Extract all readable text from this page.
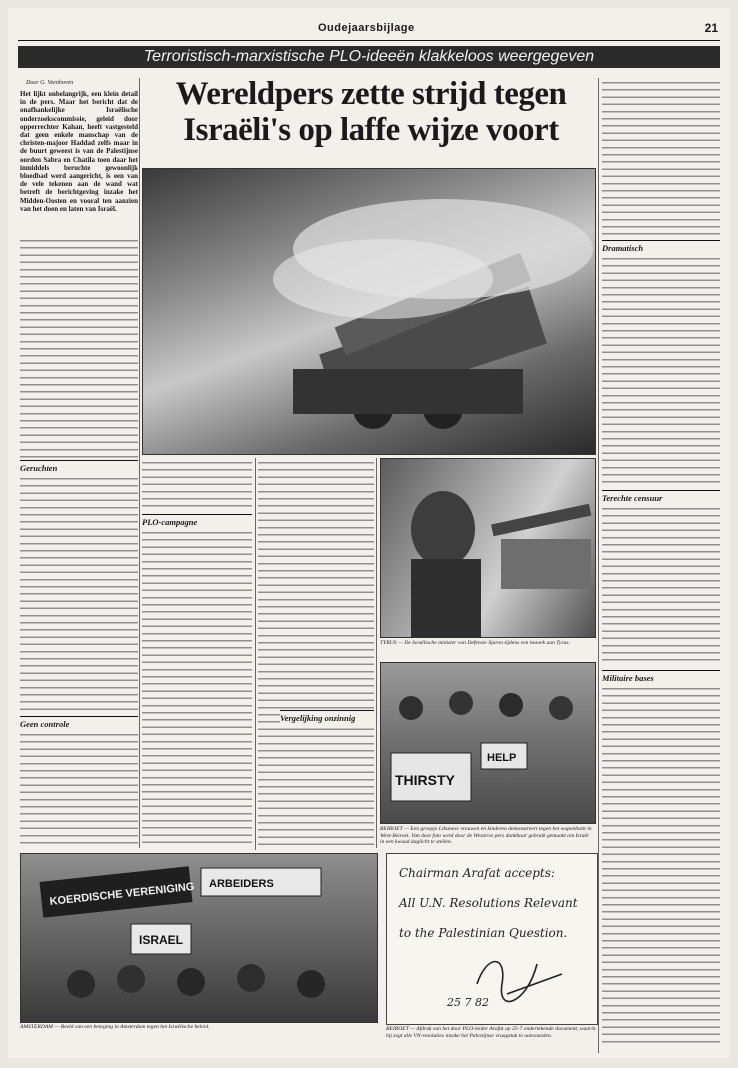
Oudejaarsbijlage	21
Terroristisch-marxistische PLO-ideeën klakkeloos weergegeven
Door G. Veenhoven
Het lijkt onbelangrijk, een klein detail in de pers. Maar het bericht dat de onafhankelijke Israëlische onderzoekscommissie, geleid door opperrechter Kahan, heeft vastgesteld dat geen enkele manschap van de christen-majoor Haddad zelfs maar in de buurt geweest is van de Palestijnse oorden Sabra en Chatila toen daar het inmiddels beruchte gewoonlijk bloedbad werd aangericht, is een van de vele tekenen aan de wand wat betreft de berichtgeving inzake het Midden-Oosten en vooral ten aanzien van het doen en laten van Israël.
Wereldpers zette strijd tegen
Israëli's op laffe wijze voort
Geruchten
Geen controle
PLO-campagne
Vergelijking onzinnig
TYRUS — De Israëlische minister van Defensie Sjaron tijdens een bezoek aan Tyrus.
THIRSTY
HELP
BEIROET — Een groepje Libanese vrouwen en kinderen demonstreert tegen het wapenbezit in West-Beiroet. Van deze foto werd door de Westerse pers dankbaar gebruik gemaakt om Israël in een kwaad daglicht te stellen.
Chairman Arafat accepts:
All U.N. Resolutions Relevant
to the Palestinian Question.
25 7 82
BEIROET — Afdruk van het door PLO-leider Arafat op 25-7 ondertekende document, waarin hij zegt alle VN-resoluties inzake het Palestijnse vraagstuk te aanvaarden.
KOERDISCHE VERENIGING ARBEIDERS
ISRAEL
AMSTERDAM — Beeld van een betoging in Amsterdam tegen het Israëlische beleid.
Dramatisch
Terechte censuur
Militaire bases
